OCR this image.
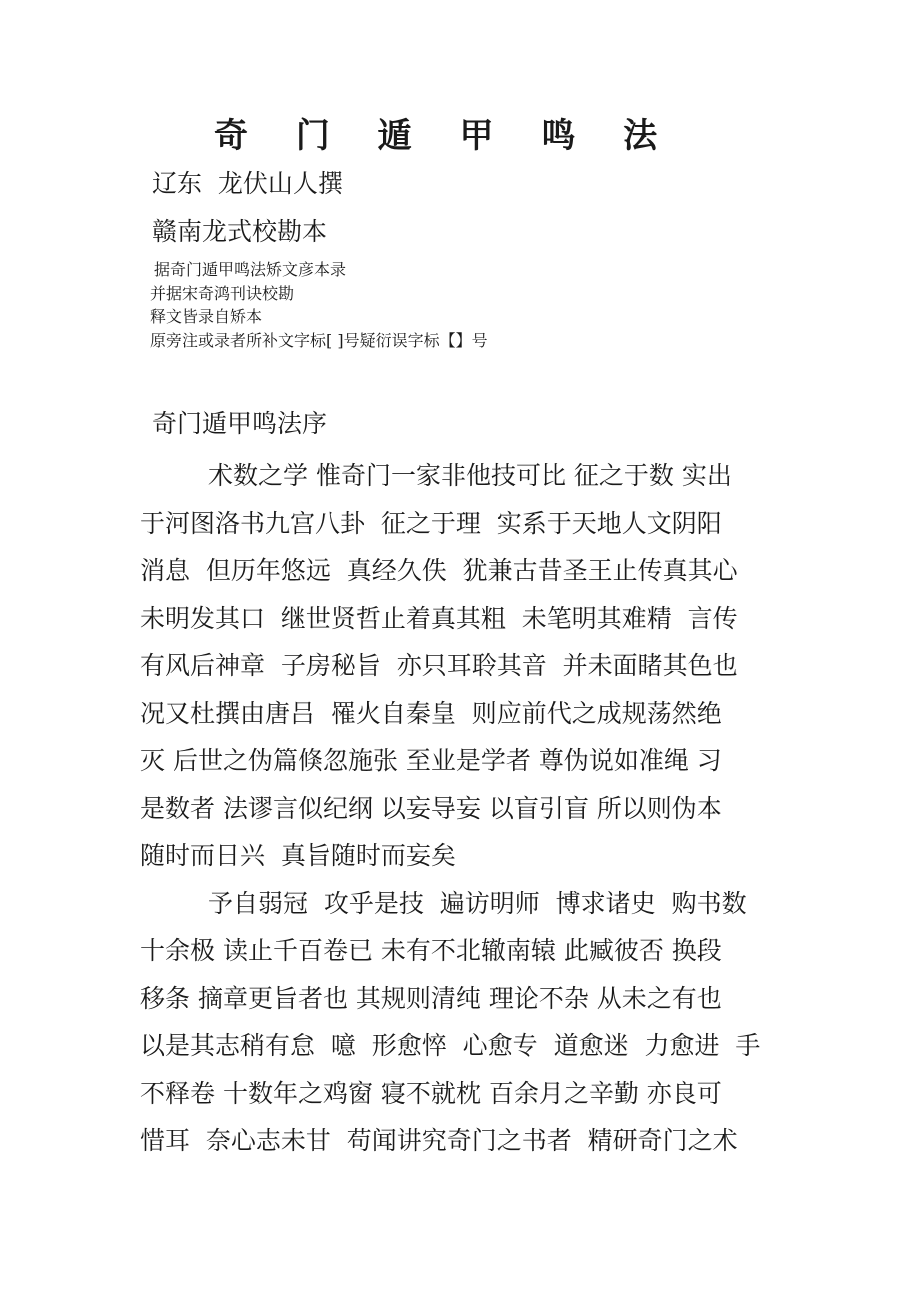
奇 门 遁 甲 鸣 法
辽东  龙伏山人撰
赣南龙式校勘本
据奇门遁甲鸣法矫文彦本录
并据宋奇鸿刊诀校勘
释文皆录自矫本
原旁注或录者所补文字标[ ]号疑衍误字标【】号
奇门遁甲鸣法序
术数之学 惟奇门一家非他技可比 征之于数 实出
于河图洛书九宫八卦  征之于理  实系于天地人文阴阳
消息  但历年悠远  真经久佚  犹兼古昔圣王止传真其心
未明发其口  继世贤哲止着真其粗  未笔明其难精  言传
有风后神章  子房秘旨  亦只耳聆其音  并未面睹其色也
况又杜撰由唐吕  罹火自秦皇  则应前代之成规荡然绝
灭 后世之伪篇倏忽施张 至业是学者 尊伪说如准绳 习
是数者 法谬言似纪纲 以妄导妄 以盲引盲 所以则伪本
随时而日兴  真旨随时而妄矣
予自弱冠  攻乎是技  遍访明师  博求诸史  购书数
十余极 读止千百卷已 未有不北辙南辕 此臧彼否 换段
移条 摘章更旨者也 其规则清纯 理论不杂 从未之有也
以是其志稍有怠  噫  形愈悴  心愈专  道愈迷  力愈进  手
不释卷 十数年之鸡窗 寝不就枕 百余月之辛勤 亦良可
惜耳  奈心志未甘  苟闻讲究奇门之书者  精研奇门之术
